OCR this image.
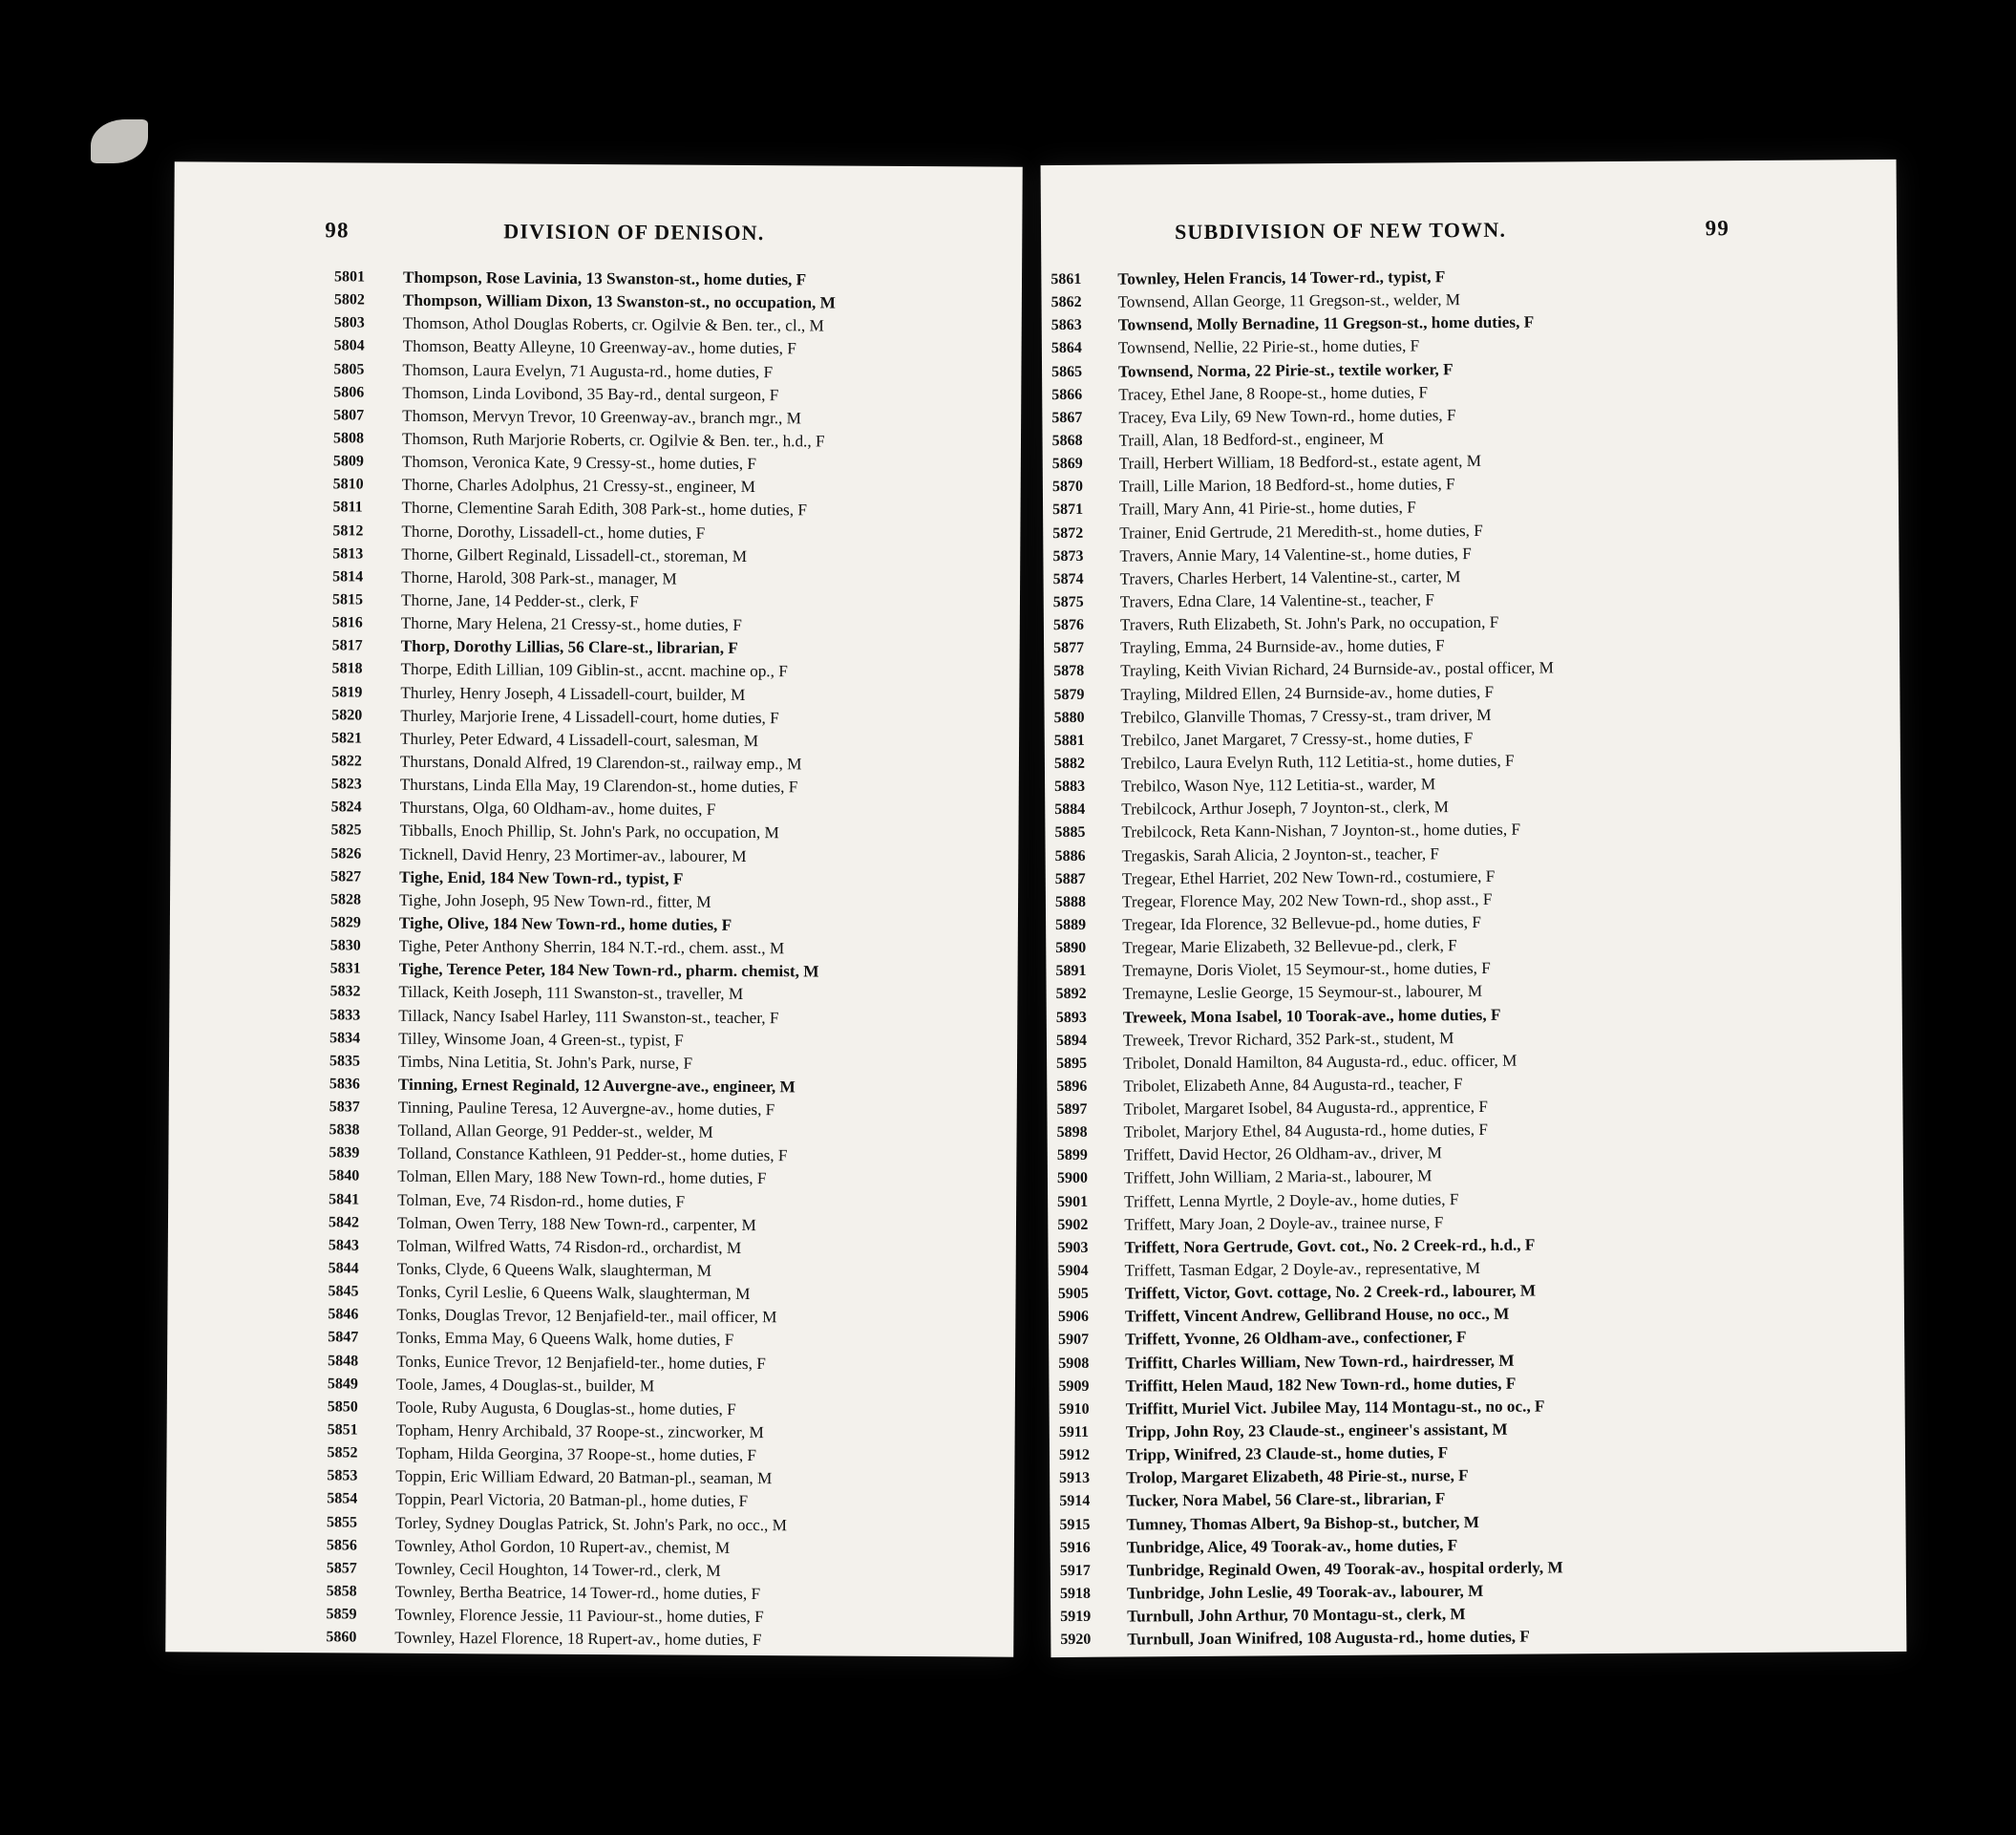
98	DIVISION OF DENISON.
5801	Thompson, Rose Lavinia, 13 Swanston-st., home duties, F
5802	Thompson, William Dixon, 13 Swanston-st., no occupation, M
5803	Thomson, Athol Douglas Roberts, cr. Ogilvie & Ben. ter., cl., M
5804	Thomson, Beatty Alleyne, 10 Greenway-av., home duties, F
5805	Thomson, Laura Evelyn, 71 Augusta-rd., home duties, F
5806	Thomson, Linda Lovibond, 35 Bay-rd., dental surgeon, F
5807	Thomson, Mervyn Trevor, 10 Greenway-av., branch mgr., M
5808	Thomson, Ruth Marjorie Roberts, cr. Ogilvie & Ben. ter., h.d., F
5809	Thomson, Veronica Kate, 9 Cressy-st., home duties, F
5810	Thorne, Charles Adolphus, 21 Cressy-st., engineer, M
5811	Thorne, Clementine Sarah Edith, 308 Park-st., home duties, F
5812	Thorne, Dorothy, Lissadell-ct., home duties, F
5813	Thorne, Gilbert Reginald, Lissadell-ct., storeman, M
5814	Thorne, Harold, 308 Park-st., manager, M
5815	Thorne, Jane, 14 Pedder-st., clerk, F
5816	Thorne, Mary Helena, 21 Cressy-st., home duties, F
5817	Thorp, Dorothy Lillias, 56 Clare-st., librarian, F
5818	Thorpe, Edith Lillian, 109 Giblin-st., accnt. machine op., F
5819	Thurley, Henry Joseph, 4 Lissadell-court, builder, M
5820	Thurley, Marjorie Irene, 4 Lissadell-court, home duties, F
5821	Thurley, Peter Edward, 4 Lissadell-court, salesman, M
5822	Thurstans, Donald Alfred, 19 Clarendon-st., railway emp., M
5823	Thurstans, Linda Ella May, 19 Clarendon-st., home duties, F
5824	Thurstans, Olga, 60 Oldham-av., home duites, F
5825	Tibballs, Enoch Phillip, St. John's Park, no occupation, M
5826	Ticknell, David Henry, 23 Mortimer-av., labourer, M
5827	Tighe, Enid, 184 New Town-rd., typist, F
5828	Tighe, John Joseph, 95 New Town-rd., fitter, M
5829	Tighe, Olive, 184 New Town-rd., home duties, F
5830	Tighe, Peter Anthony Sherrin, 184 N.T.-rd., chem. asst., M
5831	Tighe, Terence Peter, 184 New Town-rd., pharm. chemist, M
5832	Tillack, Keith Joseph, 111 Swanston-st., traveller, M
5833	Tillack, Nancy Isabel Harley, 111 Swanston-st., teacher, F
5834	Tilley, Winsome Joan, 4 Green-st., typist, F
5835	Timbs, Nina Letitia, St. John's Park, nurse, F
5836	Tinning, Ernest Reginald, 12 Auvergne-ave., engineer, M
5837	Tinning, Pauline Teresa, 12 Auvergne-av., home duties, F
5838	Tolland, Allan George, 91 Pedder-st., welder, M
5839	Tolland, Constance Kathleen, 91 Pedder-st., home duties, F
5840	Tolman, Ellen Mary, 188 New Town-rd., home duties, F
5841	Tolman, Eve, 74 Risdon-rd., home duties, F
5842	Tolman, Owen Terry, 188 New Town-rd., carpenter, M
5843	Tolman, Wilfred Watts, 74 Risdon-rd., orchardist, M
5844	Tonks, Clyde, 6 Queens Walk, slaughterman, M
5845	Tonks, Cyril Leslie, 6 Queens Walk, slaughterman, M
5846	Tonks, Douglas Trevor, 12 Benjafield-ter., mail officer, M
5847	Tonks, Emma May, 6 Queens Walk, home duties, F
5848	Tonks, Eunice Trevor, 12 Benjafield-ter., home duties, F
5849	Toole, James, 4 Douglas-st., builder, M
5850	Toole, Ruby Augusta, 6 Douglas-st., home duties, F
5851	Topham, Henry Archibald, 37 Roope-st., zincworker, M
5852	Topham, Hilda Georgina, 37 Roope-st., home duties, F
5853	Toppin, Eric William Edward, 20 Batman-pl., seaman, M
5854	Toppin, Pearl Victoria, 20 Batman-pl., home duties, F
5855	Torley, Sydney Douglas Patrick, St. John's Park, no occ., M
5856	Townley, Athol Gordon, 10 Rupert-av., chemist, M
5857	Townley, Cecil Houghton, 14 Tower-rd., clerk, M
5858	Townley, Bertha Beatrice, 14 Tower-rd., home duties, F
5859	Townley, Florence Jessie, 11 Paviour-st., home duties, F
5860	Townley, Hazel Florence, 18 Rupert-av., home duties, F
SUBDIVISION OF NEW TOWN.	99
5861	Townley, Helen Francis, 14 Tower-rd., typist, F
5862	Townsend, Allan George, 11 Gregson-st., welder, M
5863	Townsend, Molly Bernadine, 11 Gregson-st., home duties, F
5864	Townsend, Nellie, 22 Pirie-st., home duties, F
5865	Townsend, Norma, 22 Pirie-st., textile worker, F
5866	Tracey, Ethel Jane, 8 Roope-st., home duties, F
5867	Tracey, Eva Lily, 69 New Town-rd., home duties, F
5868	Traill, Alan, 18 Bedford-st., engineer, M
5869	Traill, Herbert William, 18 Bedford-st., estate agent, M
5870	Traill, Lille Marion, 18 Bedford-st., home duties, F
5871	Traill, Mary Ann, 41 Pirie-st., home duties, F
5872	Trainer, Enid Gertrude, 21 Meredith-st., home duties, F
5873	Travers, Annie Mary, 14 Valentine-st., home duties, F
5874	Travers, Charles Herbert, 14 Valentine-st., carter, M
5875	Travers, Edna Clare, 14 Valentine-st., teacher, F
5876	Travers, Ruth Elizabeth, St. John's Park, no occupation, F
5877	Trayling, Emma, 24 Burnside-av., home duties, F
5878	Trayling, Keith Vivian Richard, 24 Burnside-av., postal officer, M
5879	Trayling, Mildred Ellen, 24 Burnside-av., home duties, F
5880	Trebilco, Glanville Thomas, 7 Cressy-st., tram driver, M
5881	Trebilco, Janet Margaret, 7 Cressy-st., home duties, F
5882	Trebilco, Laura Evelyn Ruth, 112 Letitia-st., home duties, F
5883	Trebilco, Wason Nye, 112 Letitia-st., warder, M
5884	Trebilcock, Arthur Joseph, 7 Joynton-st., clerk, M
5885	Trebilcock, Reta Kann-Nishan, 7 Joynton-st., home duties, F
5886	Tregaskis, Sarah Alicia, 2 Joynton-st., teacher, F
5887	Tregear, Ethel Harriet, 202 New Town-rd., costumiere, F
5888	Tregear, Florence May, 202 New Town-rd., shop asst., F
5889	Tregear, Ida Florence, 32 Bellevue-pd., home duties, F
5890	Tregear, Marie Elizabeth, 32 Bellevue-pd., clerk, F
5891	Tremayne, Doris Violet, 15 Seymour-st., home duties, F
5892	Tremayne, Leslie George, 15 Seymour-st., labourer, M
5893	Treweek, Mona Isabel, 10 Toorak-ave., home duties, F
5894	Treweek, Trevor Richard, 352 Park-st., student, M
5895	Tribolet, Donald Hamilton, 84 Augusta-rd., educ. officer, M
5896	Tribolet, Elizabeth Anne, 84 Augusta-rd., teacher, F
5897	Tribolet, Margaret Isobel, 84 Augusta-rd., apprentice, F
5898	Tribolet, Marjory Ethel, 84 Augusta-rd., home duties, F
5899	Triffett, David Hector, 26 Oldham-av., driver, M
5900	Triffett, John William, 2 Maria-st., labourer, M
5901	Triffett, Lenna Myrtle, 2 Doyle-av., home duties, F
5902	Triffett, Mary Joan, 2 Doyle-av., trainee nurse, F
5903	Triffett, Nora Gertrude, Govt. cot., No. 2 Creek-rd., h.d., F
5904	Triffett, Tasman Edgar, 2 Doyle-av., representative, M
5905	Triffett, Victor, Govt. cottage, No. 2 Creek-rd., labourer, M
5906	Triffett, Vincent Andrew, Gellibrand House, no occ., M
5907	Triffett, Yvonne, 26 Oldham-ave., confectioner, F
5908	Triffitt, Charles William, New Town-rd., hairdresser, M
5909	Triffitt, Helen Maud, 182 New Town-rd., home duties, F
5910	Triffitt, Muriel Vict. Jubilee May, 114 Montagu-st., no oc., F
5911	Tripp, John Roy, 23 Claude-st., engineer's assistant, M
5912	Tripp, Winifred, 23 Claude-st., home duties, F
5913	Trolop, Margaret Elizabeth, 48 Pirie-st., nurse, F
5914	Tucker, Nora Mabel, 56 Clare-st., librarian, F
5915	Tumney, Thomas Albert, 9a Bishop-st., butcher, M
5916	Tunbridge, Alice, 49 Toorak-av., home duties, F
5917	Tunbridge, Reginald Owen, 49 Toorak-av., hospital orderly, M
5918	Tunbridge, John Leslie, 49 Toorak-av., labourer, M
5919	Turnbull, John Arthur, 70 Montagu-st., clerk, M
5920	Turnbull, Joan Winifred, 108 Augusta-rd., home duties, F
